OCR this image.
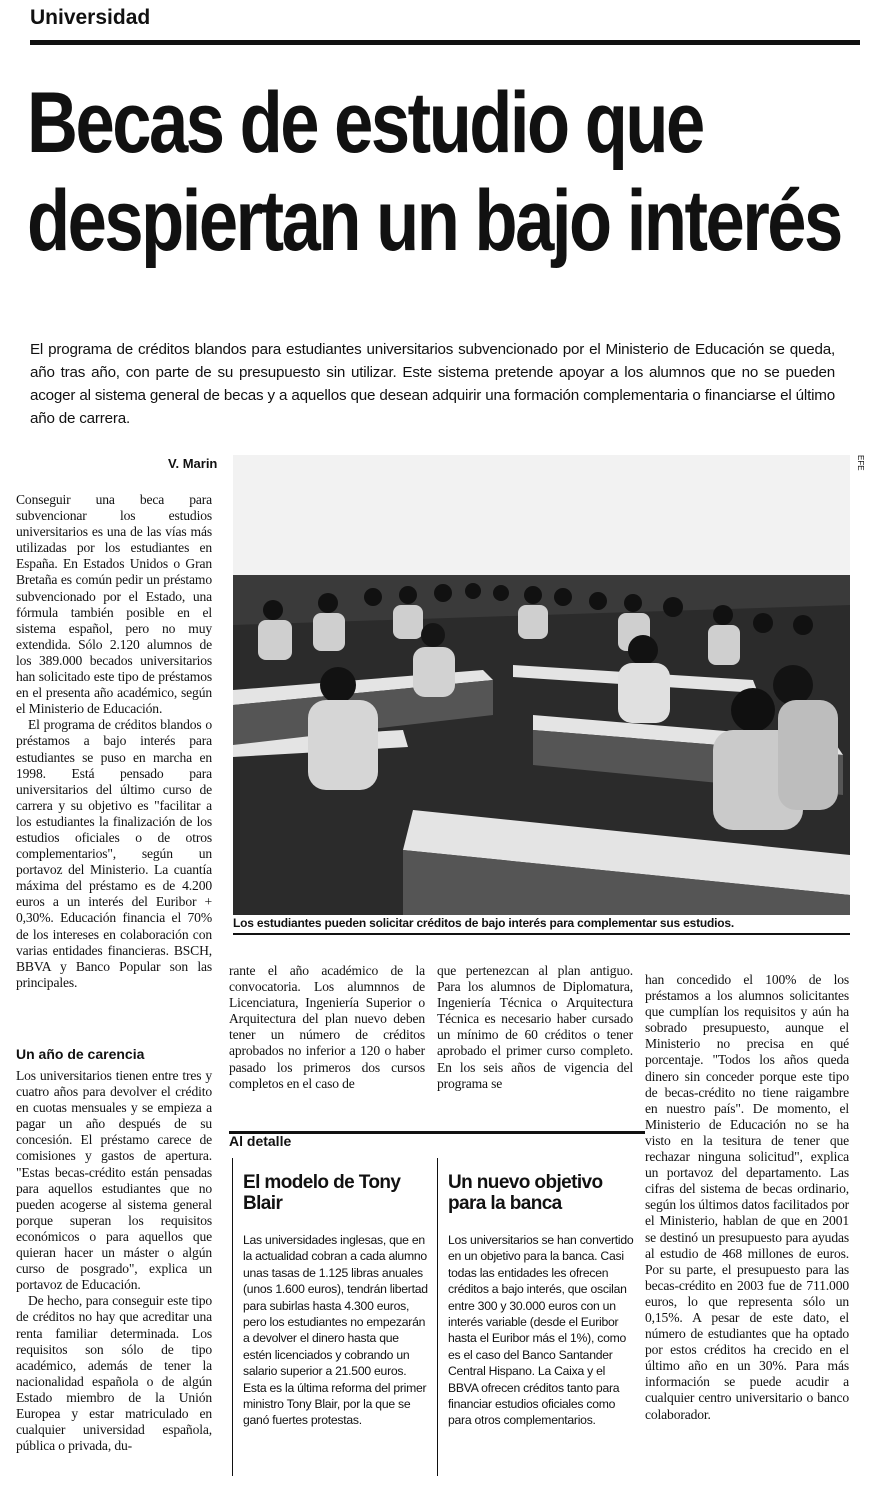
Universidad
Becas de estudio que
despiertan un bajo interés
El programa de créditos blandos para estudiantes universitarios subvencionado por el Ministerio de Educación se queda, año tras año, con parte de su presupuesto sin utilizar. Este sistema pretende apoyar a los alumnos que no se pueden acoger al sistema general de becas y a aquellos que desean adquirir una formación complementaria o financiarse el último año de carrera.
V. Marin	EFE
Los estudiantes pueden solicitar créditos de bajo interés para complementar sus estudios.

Conseguir una beca para subvencionar los estudios universitarios es una de las vías más utilizadas por los estudiantes en España. En Estados Unidos o Gran Bretaña es común pedir un préstamo subvencionado por el Estado, una fórmula también posible en el sistema español, pero no muy extendida. Sólo 2.120 alumnos de los 389.000 becados universitarios han solicitado este tipo de préstamos en el presenta año académico, según el Ministerio de Educación.

El programa de créditos blandos o préstamos a bajo interés para estudiantes se puso en marcha en 1998. Está pensado para universitarios del último curso de carrera y su objetivo es "facilitar a los estudiantes la finalización de los estudios oficiales o de otros complementarios", según un portavoz del Ministerio. La cuantía máxima del préstamo es de 4.200 euros a un interés del Euribor + 0,30%. Educación financia el 70% de los intereses en colaboración con varias entidades financieras. BSCH, BBVA y Banco Popular son las principales.

Un año de carencia

Los universitarios tienen entre tres y cuatro años para devolver el crédito en cuotas mensuales y se empieza a pagar un año después de su concesión. El préstamo carece de comisiones y gastos de apertura. "Estas becas-crédito están pensadas para aquellos estudiantes que no pueden acogerse al sistema general porque superan los requisitos económicos o para aquellos que quieran hacer un máster o algún curso de posgrado", explica un portavoz de Educación.

De hecho, para conseguir este tipo de créditos no hay que acreditar una renta familiar determinada. Los requisitos son sólo de tipo académico, además de tener la nacionalidad española o de algún Estado miembro de la Unión Europea y estar matriculado en cualquier universidad española, pública o privada, du-

rante el año académico de la convocatoria. Los alumnnos de Licenciatura, Ingeniería Superior o Arquitectura del plan nuevo deben tener un número de créditos aprobados no inferior a 120 o haber pasado los primeros dos cursos completos en el caso de

que pertenezcan al plan antiguo. Para los alumnos de Diplomatura, Ingeniería Técnica o Arquitectura Técnica es necesario haber cursado un mínimo de 60 créditos o tener aprobado el primer curso completo. En los seis años de vigencia del programa se

han concedido el 100% de los préstamos a los alumnos solicitantes que cumplían los requisitos y aún ha sobrado presupuesto, aunque el Ministerio no precisa en qué porcentaje. "Todos los años queda dinero sin conceder porque este tipo de becas-crédito no tiene raigambre en nuestro país". De momento, el Ministerio de Educación no se ha visto en la tesitura de tener que rechazar ninguna solicitud", explica un portavoz del departamento. Las cifras del sistema de becas ordinario, según los últimos datos facilitados por el Ministerio, hablan de que en 2001 se destinó un presupuesto para ayudas al estudio de 468 millones de euros. Por su parte, el presupuesto para las becas-crédito en 2003 fue de 711.000 euros, lo que representa sólo un 0,15%. A pesar de este dato, el número de estudiantes que ha optado por estos créditos ha crecido en el último año en un 30%. Para más información se puede acudir a cualquier centro universitario o banco colaborador.

Al detalle
El modelo de Tony Blair
Las universidades inglesas, que en la actualidad cobran a cada alumno unas tasas de 1.125 libras anuales (unos 1.600 euros), tendrán libertad para subirlas hasta 4.300 euros, pero los estudiantes no empezarán a devolver el dinero hasta que estén licenciados y cobrando un salario superior a 21.500 euros. Esta es la última reforma del primer ministro Tony Blair, por la que se ganó fuertes protestas.
Un nuevo objetivo para la banca
Los universitarios se han convertido en un objetivo para la banca. Casi todas las entidades les ofrecen créditos a bajo interés, que oscilan entre 300 y 30.000 euros con un interés variable (desde el Euribor hasta el Euribor más el 1%), como es el caso del Banco Santander Central Hispano. La Caixa y el BBVA ofrecen créditos tanto para financiar estudios oficiales como para otros complementarios.
